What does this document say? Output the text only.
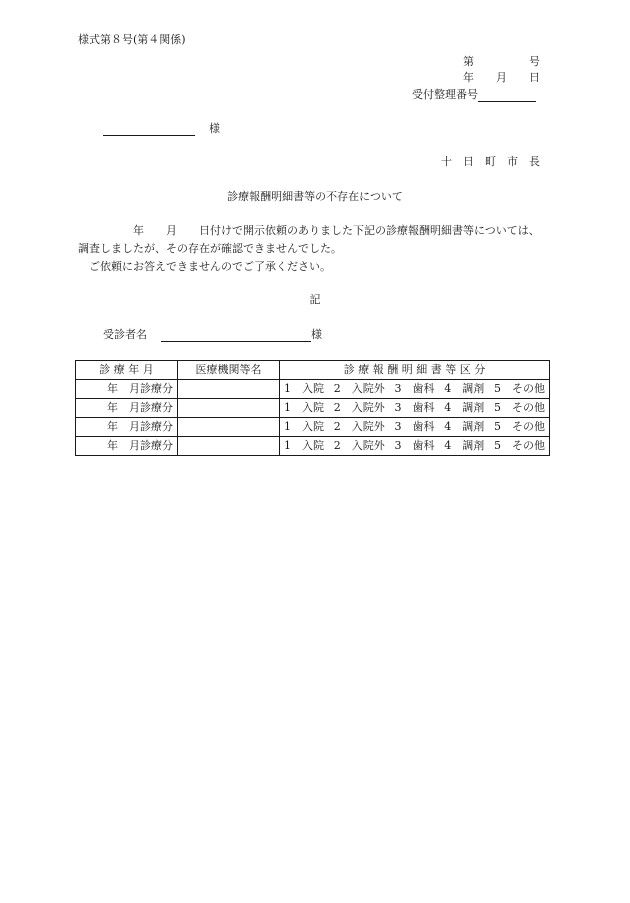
様式第８号(第４関係)
第　　　　　号
年　　月　　日
受付整理番号
様
十　日　町　市　長
診療報酬明細書等の不存在について
　　　　　年　　月　　日付けで開示依頼のありました下記の診療報酬明細書等については、調査しましたが、その存在が確認できませんでした。
　ご依頼にお答えできませんのでご了承ください。
記
受診者名	様
診 療 年 月	医療機関等名	診 療 報 酬 明 細 書 等 区 分
年　月診療分		1　入院 2　入院外 3　歯科 4　調剤 5　その他

年　月診療分		1　入院 2　入院外 3　歯科 4　調剤 5　その他

年　月診療分		1　入院 2　入院外 3　歯科 4　調剤 5　その他

年　月診療分		1　入院 2　入院外 3　歯科 4　調剤 5　その他
